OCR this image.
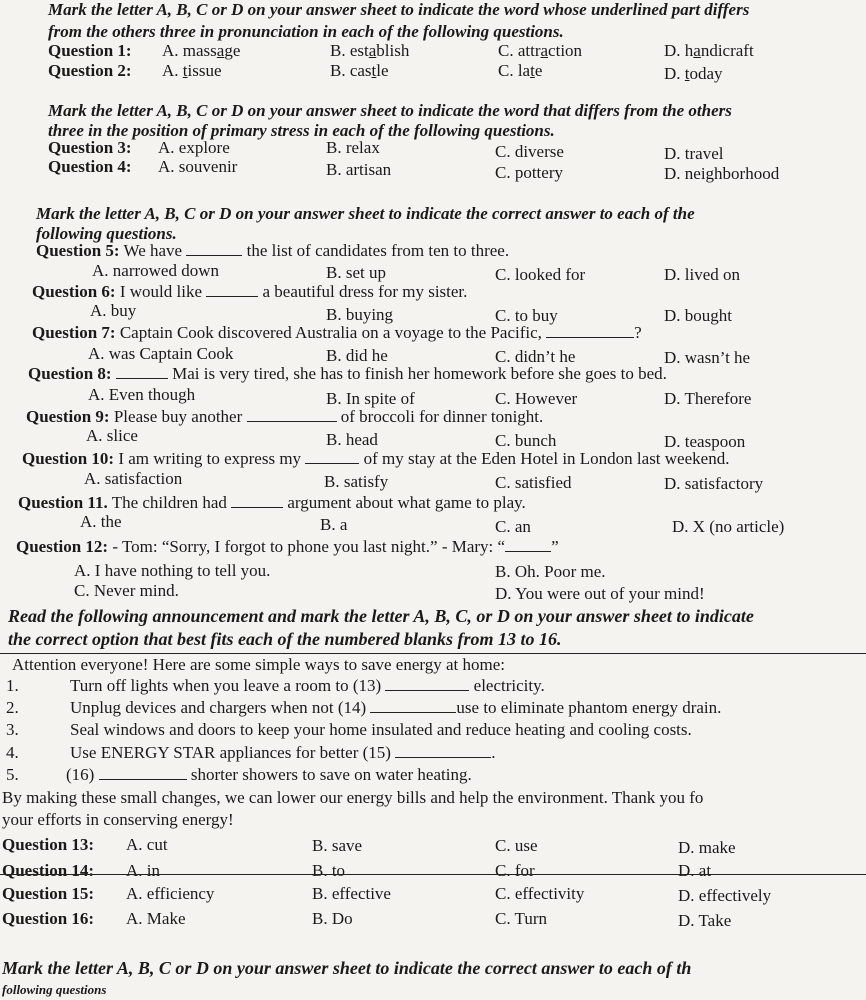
Mark the letter A, B, C or D on your answer sheet to indicate the word whose underlined part differs
from the others three in pronunciation in each of the following questions.
Question 1: A. massage	B. establish	C. attraction	D. handicraft
Question 2: A. tissue	B. castle	C. late	D. today
Mark the letter A, B, C or D on your answer sheet to indicate the word that differs from the others
three in the position of primary stress in each of the following questions.
Question 3: A. explore	B. relax	C. diverse	D. travel
Question 4: A. souvenir	B. artisan	C. pottery	D. neighborhood
Mark the letter A, B, C or D on your answer sheet to indicate the correct answer to each of the
following questions.
Question 5: We have	the list of candidates from ten to three.
A. narrowed down	B. set up	C. looked for	D. lived on
Question 6: I would like	a beautiful dress for my sister.
A. buy	B. buying	C. to buy	D. bought
Question 7: Captain Cook discovered Australia on a voyage to the Pacific,	?
A. was Captain Cook	B. did he	C. didn’t he	D. wasn’t he
Question 8:	Mai is very tired, she has to finish her homework before she goes to bed.
A. Even though	B. In spite of	C. However	D. Therefore
Question 9: Please buy another	of broccoli for dinner tonight.
A. slice	B. head	C. bunch	D. teaspoon
Question 10: I am writing to express my	of my stay at the Eden Hotel in London last weekend.
A. satisfaction	B. satisfy	C. satisfied	D. satisfactory
Question 11. The children had	argument about what game to play.
A. the	B. a	C. an	D. X (no article)
Question 12: - Tom: “Sorry, I forgot to phone you last night.” - Mary: “	”
A. I have nothing to tell you.	B. Oh. Poor me.
C. Never mind.	D. You were out of your mind!
Read the following announcement and mark the letter A, B, C, or D on your answer sheet to indicate
the correct option that best fits each of the numbered blanks from 13 to 16.
Attention everyone! Here are some simple ways to save energy at home:
1.	Turn off lights when you leave a room to (13)	electricity.
2.	Unplug devices and chargers when not (14)	use to eliminate phantom energy drain.
3.	Seal windows and doors to keep your home insulated and reduce heating and cooling costs.
4.	Use ENERGY STAR appliances for better (15)	.
5.	(16)	shorter showers to save on water heating.
By making these small changes, we can lower our energy bills and help the environment. Thank you fo
your efforts in conserving energy!
Question 13: A. cut	B. save	C. use	D. make
Question 14: A. in	B. to	C. for	D. at
Question 15: A. efficiency	B. effective	C. effectivity	D. effectively
Question 16: A. Make	B. Do	C. Turn	D. Take
Mark the letter A, B, C or D on your answer sheet to indicate the correct answer to each of th
following questions
